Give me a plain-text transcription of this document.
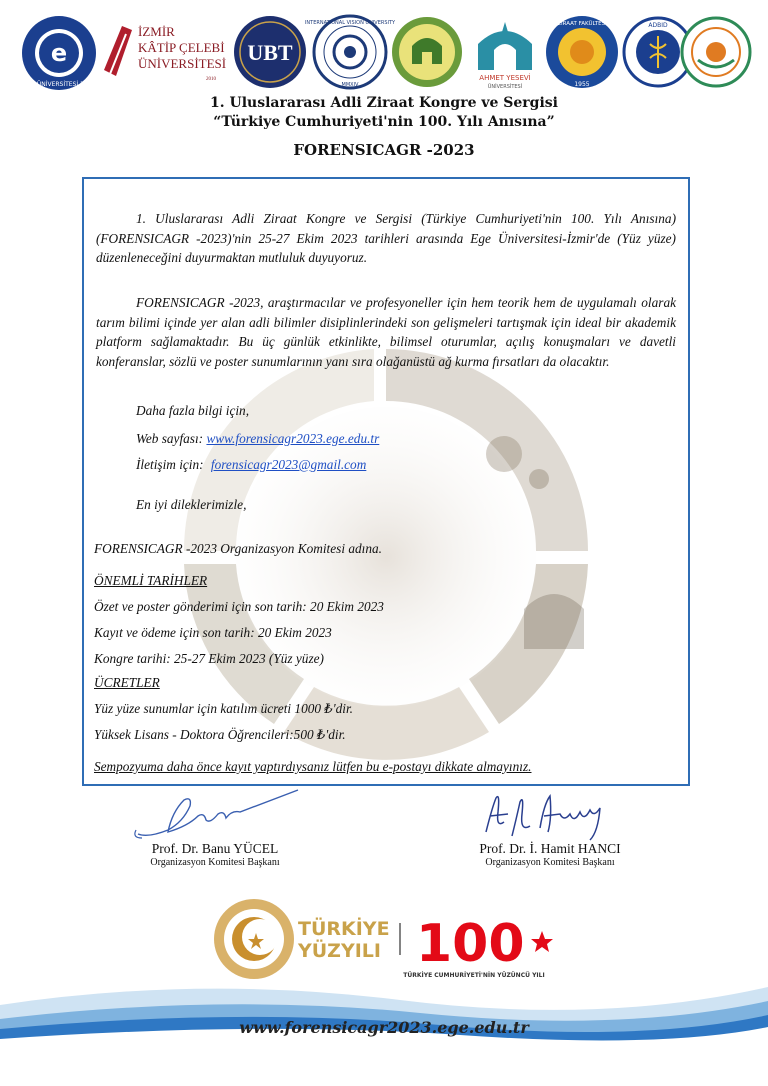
e
EGE ÜNİVERSİTESİ 1955
İZMİR
KÂTİP ÇELEBİ
ÜNİVERSİTESİ
2010
UBT
INTERNATIONAL VISION UNIVERSITY
MMXIV
AHMET YESEVİ
ÜNİVERSİTESİ
ZİRAAT FAKÜLTESİ
1955
ADBID
1. Uluslararası Adli Ziraat Kongre ve Sergisi
“Türkiye Cumhuriyeti'nin 100. Yılı Anısına”
FORENSICAGR -2023
1. Uluslararası Adli Ziraat Kongre ve Sergisi (Türkiye Cumhuriyeti'nin 100. Yılı Anısına) (FORENSICAGR -2023)'nin 25-27 Ekim 2023 tarihleri arasında Ege Üniversitesi-İzmir'de (Yüz yüze) düzenleneceğini duyurmaktan mutluluk duyuyoruz.
FORENSICAGR -2023, araştırmacılar ve profesyoneller için hem teorik hem de uygulamalı olarak tarım bilimi içinde yer alan adli bilimler disiplinlerindeki son gelişmeleri tartışmak için ideal bir akademik platform sağlamaktadır. Bu üç günlük etkinlikte, bilimsel oturumlar, açılış konuşmaları ve davetli konferanslar, sözlü ve poster sunumlarının yanı sıra olağanüstü ağ kurma fırsatları da olacaktır.
Daha fazla bilgi için,
Web sayfası: www.forensicagr2023.ege.edu.tr
İletişim için: forensicagr2023@gmail.com
En iyi dileklerimizle,
FORENSICAGR -2023 Organizasyon Komitesi adına.
ÖNEMLİ TARİHLER
Özet ve poster gönderimi için son tarih: 20 Ekim 2023
Kayıt ve ödeme için son tarih: 20 Ekim 2023
Kongre tarihi: 25-27 Ekim 2023 (Yüz yüze)
ÜCRETLER
Yüz yüze sunumlar için katılım ücreti 1000 ₺'dir.
Yüksek Lisans - Doktora Öğrencileri:500 ₺'dir.
Sempozyuma daha önce kayıt yaptırdıysanız lütfen bu e-postayı dikkate almayınız.
Prof. Dr. Banu YÜCEL
Organizasyon Komitesi Başkanı
Prof. Dr. İ. Hamit HANCI
Organizasyon Komitesi Başkanı
TÜRKİYE
YÜZYILI 100
TÜRKİYE CUMHURİYETİ'NİN YÜZÜNCÜ YILI
www.forensicagr2023.ege.edu.tr
